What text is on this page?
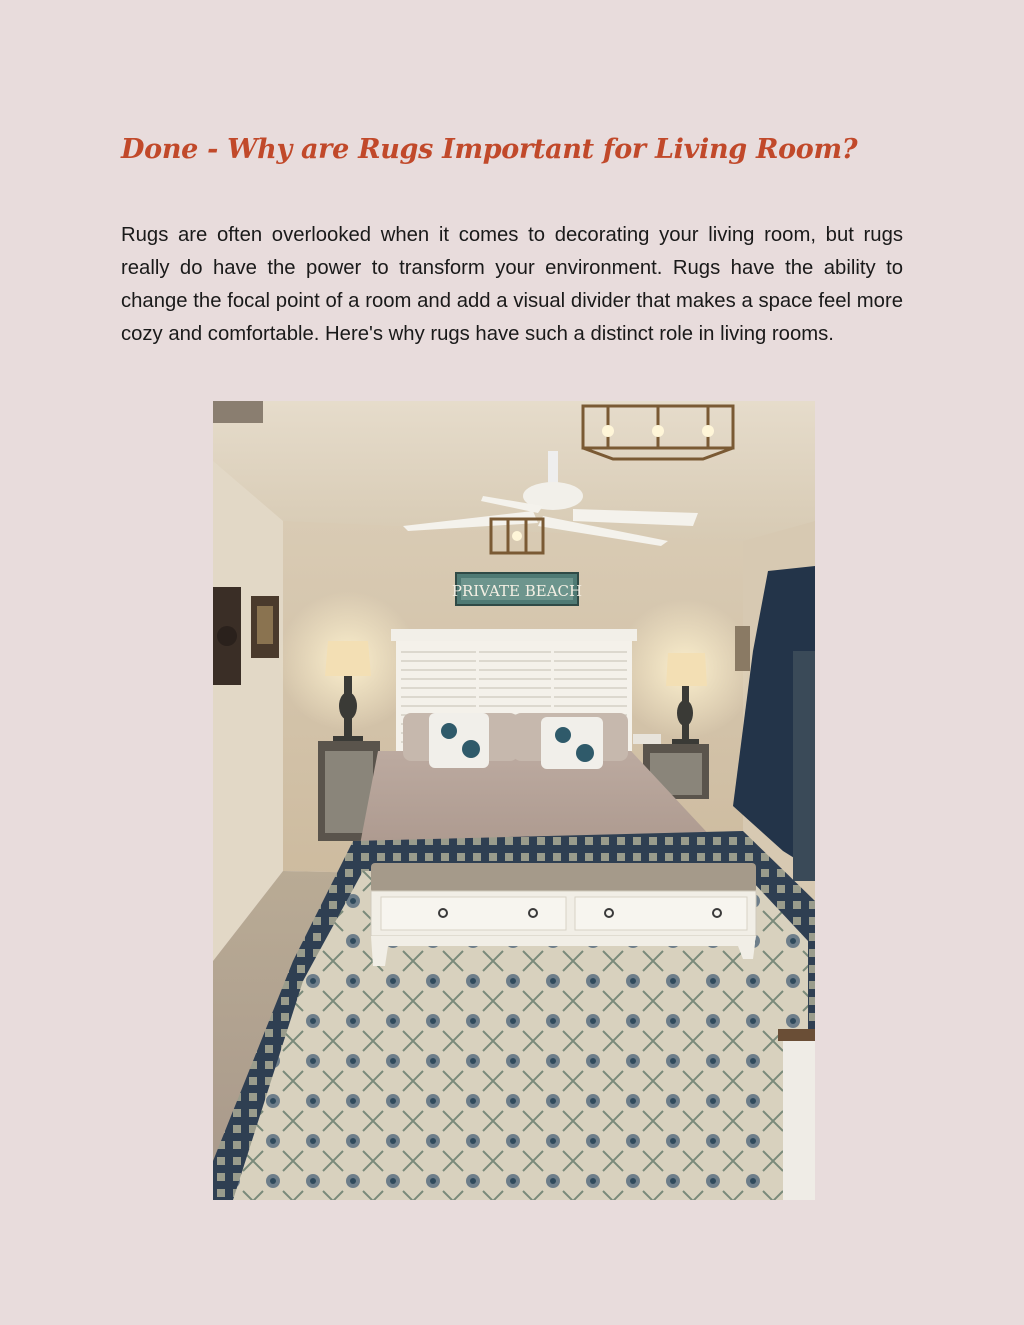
Done - Why are Rugs Important for Living Room?

Rugs are often overlooked when it comes to decorating your living room, but rugs really do have the power to transform your environment. Rugs have the ability to change the focal point of a room and add a visual divider that makes a space feel more cozy and comfortable. Here's why rugs have such a distinct role in living rooms.

PRIVATE BEACH
